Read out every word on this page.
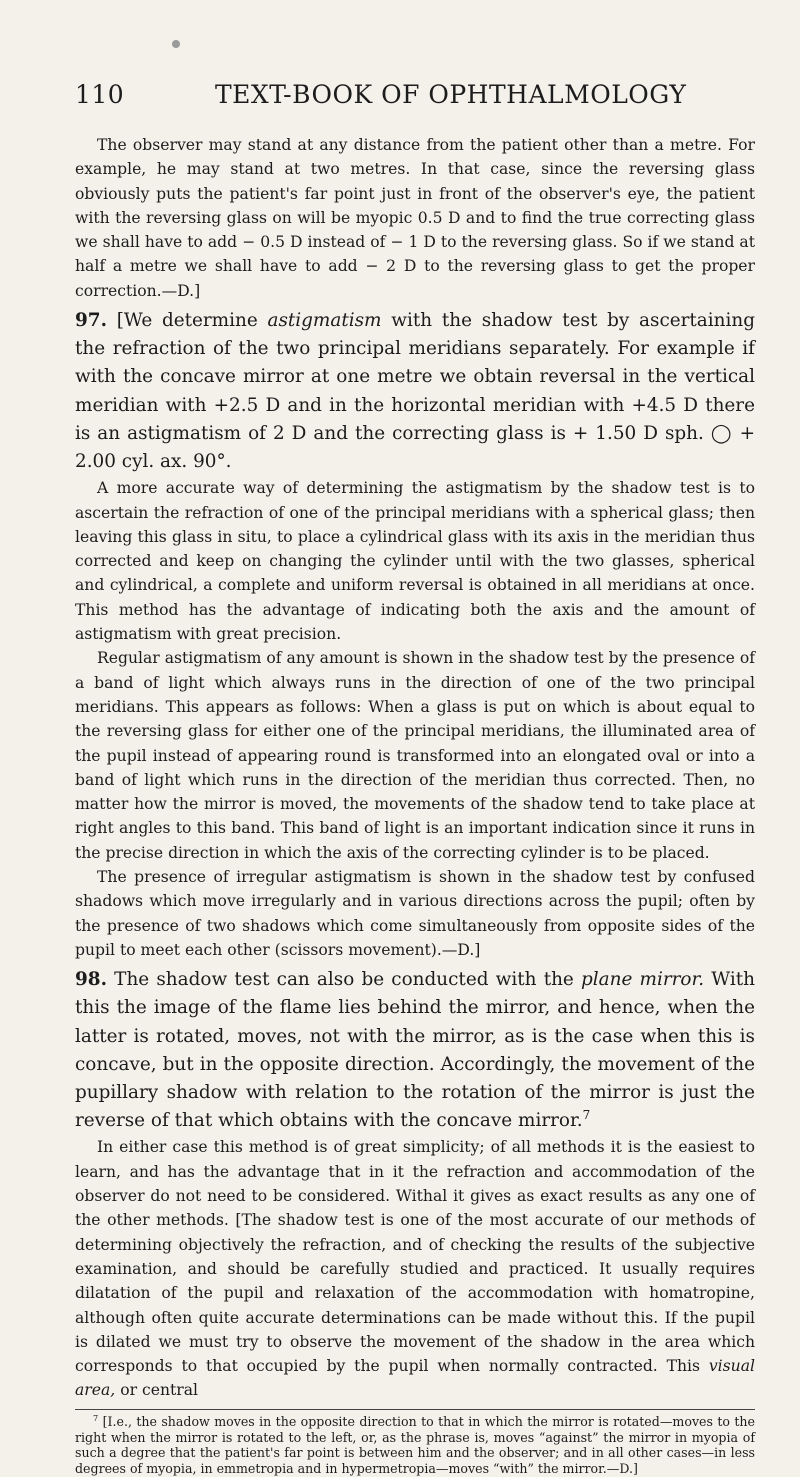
110	TEXT-BOOK OF OPHTHALMOLOGY

The observer may stand at any distance from the patient other than a metre. For example, he may stand at two metres. In that case, since the reversing glass obviously puts the patient's far point just in front of the observer's eye, the patient with the reversing glass on will be myopic 0.5 D and to find the true correcting glass we shall have to add − 0.5 D instead of − 1 D to the reversing glass. So if we stand at half a metre we shall have to add − 2 D to the reversing glass to get the proper correction.—D.]

97. [We determine astigmatism with the shadow test by ascertaining the refraction of the two principal meridians separately. For example if with the concave mirror at one metre we obtain reversal in the vertical meridian with +2.5 D and in the horizontal meridian with +4.5 D there is an astigmatism of 2 D and the correcting glass is + 1.50 D sph. ◯ + 2.00 cyl. ax. 90°.

A more accurate way of determining the astigmatism by the shadow test is to ascertain the refraction of one of the principal meridians with a spherical glass; then leaving this glass in situ, to place a cylindrical glass with its axis in the meridian thus corrected and keep on changing the cylinder until with the two glasses, spherical and cylindrical, a complete and uniform reversal is obtained in all meridians at once. This method has the advantage of indicating both the axis and the amount of astigmatism with great precision.

Regular astigmatism of any amount is shown in the shadow test by the presence of a band of light which always runs in the direction of one of the two principal meridians. This appears as follows: When a glass is put on which is about equal to the reversing glass for either one of the principal meridians, the illuminated area of the pupil instead of appearing round is transformed into an elongated oval or into a band of light which runs in the direction of the meridian thus corrected. Then, no matter how the mirror is moved, the movements of the shadow tend to take place at right angles to this band. This band of light is an important indication since it runs in the precise direction in which the axis of the correcting cylinder is to be placed.

The presence of irregular astigmatism is shown in the shadow test by confused shadows which move irregularly and in various directions across the pupil; often by the presence of two shadows which come simultaneously from opposite sides of the pupil to meet each other (scissors movement).—D.]

98. The shadow test can also be conducted with the plane mirror. With this the image of the flame lies behind the mirror, and hence, when the latter is rotated, moves, not with the mirror, as is the case when this is concave, but in the opposite direction. Accordingly, the movement of the pupillary shadow with relation to the rotation of the mirror is just the reverse of that which obtains with the concave mirror.$^7$

In either case this method is of great simplicity; of all methods it is the easiest to learn, and has the advantage that in it the refraction and accommodation of the observer do not need to be considered. Withal it gives as exact results as any one of the other methods. [The shadow test is one of the most accurate of our methods of determining objectively the refraction, and of checking the results of the subjective examination, and should be carefully studied and practiced. It usually requires dilatation of the pupil and relaxation of the accommodation with homatropine, although often quite accurate determinations can be made without this. If the pupil is dilated we must try to observe the movement of the shadow in the area which corresponds to that occupied by the pupil when normally contracted. This visual area, or central

$^7$ [I.e., the shadow moves in the opposite direction to that in which the mirror is rotated—moves to the right when the mirror is rotated to the left, or, as the phrase is, moves “against” the mirror in myopia of such a degree that the patient's far point is between him and the observer; and in all other cases—in less degrees of myopia, in emmetropia and in hypermetropia—moves “with” the mirror.—D.]
